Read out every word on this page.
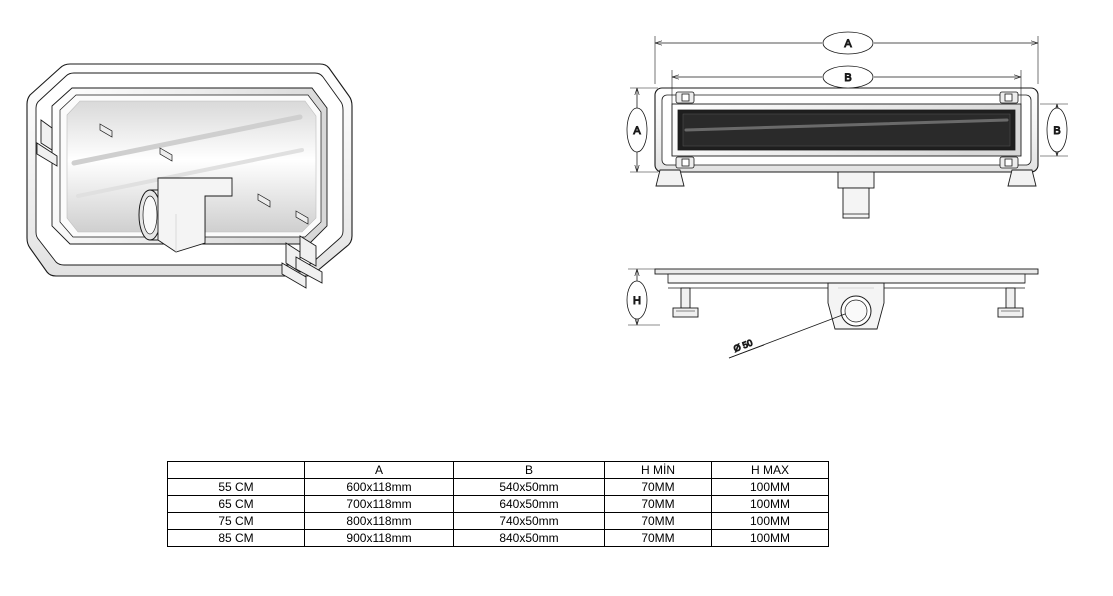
A
B
A	B
H
Ø 50
	A	B	H MİN	H MAX
55 CM	600x118mm	540x50mm	70MM	100MM
65 CM	700x118mm	640x50mm	70MM	100MM
75 CM	800x118mm	740x50mm	70MM	100MM
85 CM	900x118mm	840x50mm	70MM	100MM
